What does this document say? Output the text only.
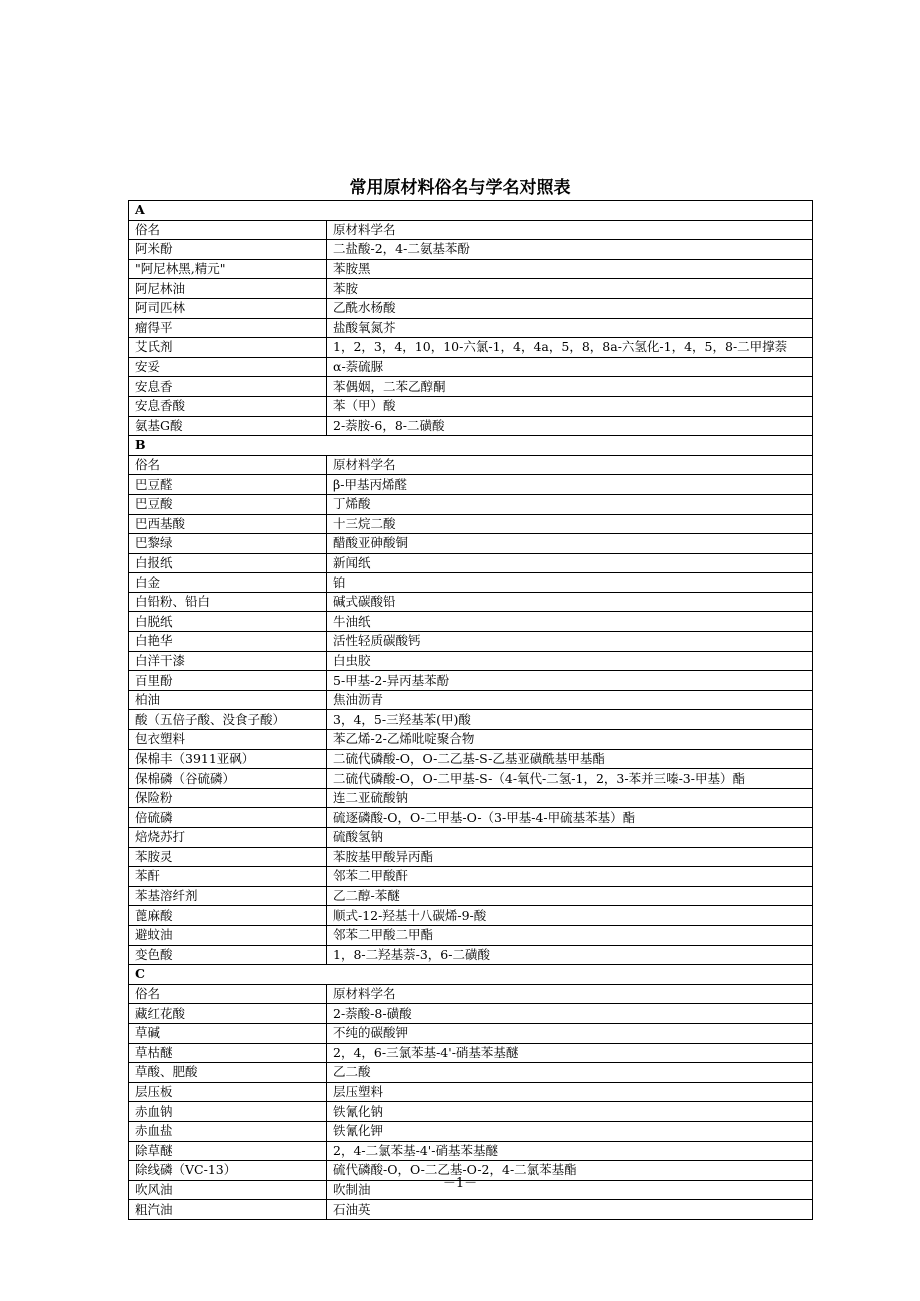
常用原材料俗名与学名对照表
A	
俗名	原材料学名
阿米酚	二盐酸-2，4-二氨基苯酚
"阿尼林黑,精元"	苯胺黑
阿尼林油	苯胺
阿司匹林	乙酰水杨酸
瘤得平	盐酸氧氮芥
艾氏剂	1，2，3，4，10，10-六氯-1，4，4a，5，8，8a-六氢化-1，4，5，8-二甲撑萘
安妥	α-萘硫脲
安息香	苯偶姻，二苯乙醇酮
安息香酸	苯（甲）酸
氨基G酸	2-萘胺-6，8-二磺酸
B	
俗名	原材料学名
巴豆醛	β-甲基丙烯醛
巴豆酸	丁烯酸
巴西基酸	十三烷二酸
巴黎绿	醋酸亚砷酸铜
白报纸	新闻纸
白金	铂
白铅粉、铅白	碱式碳酸铅
白脱纸	牛油纸
白艳华	活性轻质碳酸钙
白洋干漆	白虫胶
百里酚	5-甲基-2-异丙基苯酚
柏油	焦油沥青
酸（五倍子酸、没食子酸）	3，4，5-三羟基苯(甲)酸
包衣塑料	苯乙烯-2-乙烯吡啶聚合物
保棉丰（3911亚砜）	二硫代磷酸-O，O-二乙基-S-乙基亚磺酰基甲基酯
保棉磷（谷硫磷）	二硫代磷酸-O，O-二甲基-S-（4-氧代-二氢-1，2，3-苯并三嗪-3-甲基）酯
保险粉	连二亚硫酸钠
倍硫磷	硫逐磷酸-O，O-二甲基-O-（3-甲基-4-甲硫基苯基）酯
焙烧苏打	硫酸氢钠
苯胺灵	苯胺基甲酸异丙酯
苯酐	邻苯二甲酸酐
苯基溶纤剂	乙二醇-苯醚
蓖麻酸	顺式-12-羟基十八碳烯-9-酸
避蚊油	邻苯二甲酸二甲酯
变色酸	1，8-二羟基萘-3，6-二磺酸
C	
俗名	原材料学名
藏红花酸	2-萘酸-8-磺酸
草碱	不纯的碳酸钾
草枯醚	2，4，6-三氯苯基-4'-硝基苯基醚
草酸、肥酸	乙二酸
层压板	层压塑料
赤血钠	铁氰化钠
赤血盐	铁氰化钾
除草醚	2，4-二氯苯基-4'-硝基苯基醚
除线磷（VC-13）	硫代磷酸-O，O-二乙基-O-2，4-二氯苯基酯
吹风油	吹制油
粗汽油	石油英
－1－
